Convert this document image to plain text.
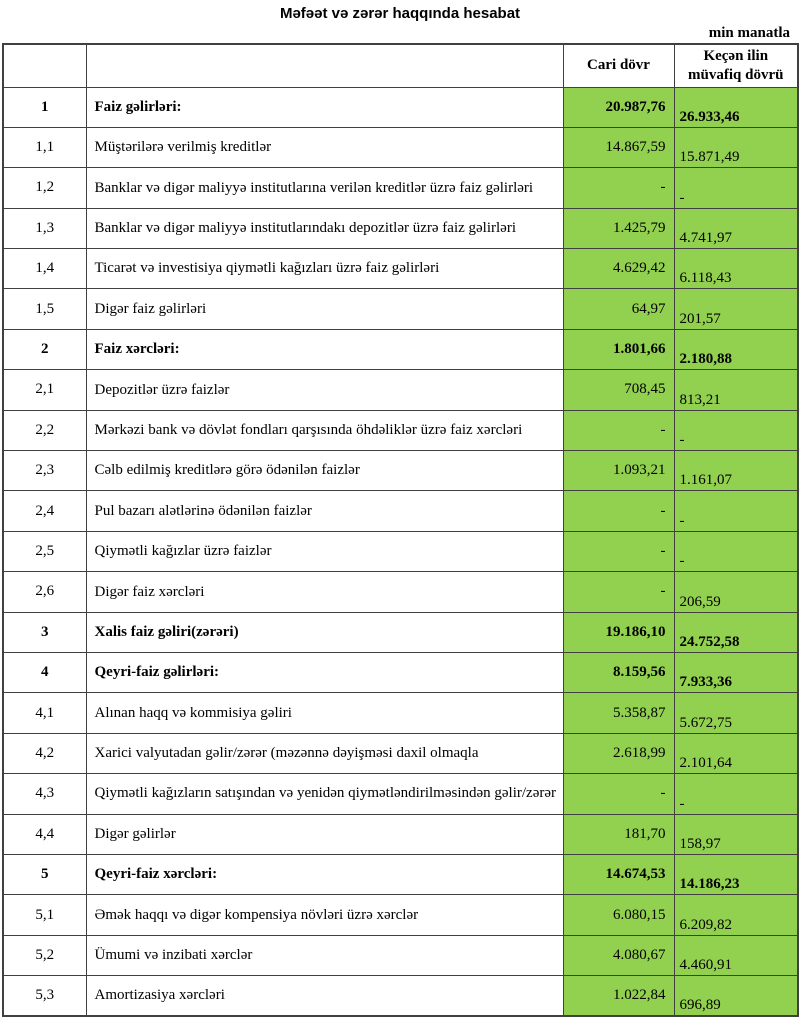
Məfəət və zərər haqqında hesabat
min manatla
		Cari dövr	Keçən ilin müvafiq dövrü
1	Faiz gəlirləri:	20.987,76	26.933,46
1,1	Müştərilərə verilmiş kreditlər	14.867,59	15.871,49
1,2	Banklar və digər maliyyə institutlarına verilən kreditlər üzrə faiz gəlirləri	-	-
1,3	Banklar və digər maliyyə institutlarındakı depozitlər üzrə faiz gəlirləri	1.425,79	4.741,97
1,4	Ticarət və investisiya qiymətli kağızları üzrə faiz gəlirləri	4.629,42	6.118,43
1,5	Digər faiz gəlirləri	64,97	201,57
2	Faiz xərcləri:	1.801,66	2.180,88
2,1	Depozitlər üzrə faizlər	708,45	813,21
2,2	Mərkəzi bank və dövlət fondları qarşısında öhdəliklər üzrə faiz xərcləri	-	-
2,3	Cəlb edilmiş kreditlərə görə ödənilən faizlər	1.093,21	1.161,07
2,4	Pul bazarı alətlərinə ödənilən faizlər	-	-
2,5	Qiymətli kağızlar üzrə faizlər	-	-
2,6	Digər faiz xərcləri	-	206,59
3	Xalis faiz gəliri(zərəri)	19.186,10	24.752,58
4	Qeyri-faiz gəlirləri:	8.159,56	7.933,36
4,1	Alınan haqq və kommisiya gəliri	5.358,87	5.672,75
4,2	Xarici valyutadan gəlir/zərər (məzənnə dəyişməsi daxil olmaqla	2.618,99	2.101,64
4,3	Qiymətli kağızların satışından və yenidən qiymətləndirilməsindən gəlir/zərər	-	-
4,4	Digər gəlirlər	181,70	158,97
5	Qeyri-faiz xərcləri:	14.674,53	14.186,23
5,1	Əmək haqqı və digər kompensiya növləri üzrə xərclər	6.080,15	6.209,82
5,2	Ümumi və inzibati xərclər	4.080,67	4.460,91
5,3	Amortizasiya xərcləri	1.022,84	696,89
